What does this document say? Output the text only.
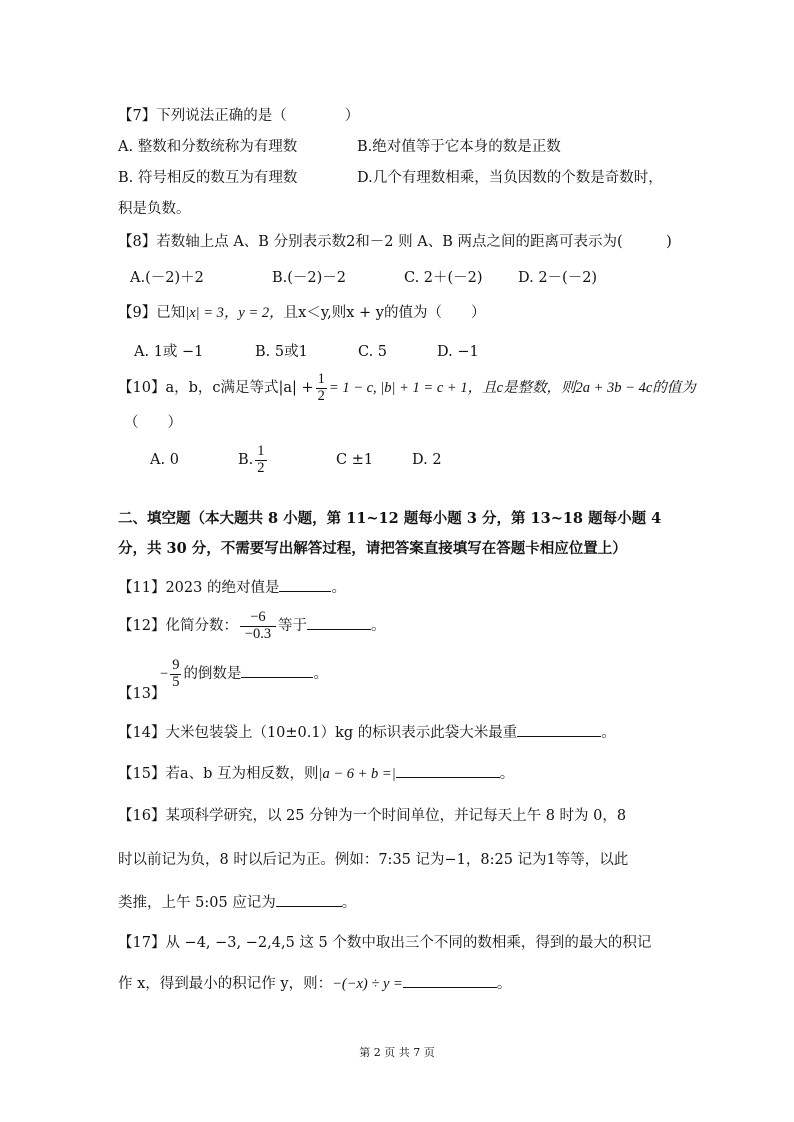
【7】下列说法正确的是（　　　　）
A. 整数和分数统称为有理数	B.绝对值等于它本身的数是正数
B. 符号相反的数互为有理数	D.几个有理数相乘，当负因数的个数是奇数时，
积是负数。
【8】若数轴上点 A、B 分别表示数2和－2 则 A、B 两点之间的距离可表示为(　　　)
A.(－2)＋2	B.(－2)－2	C. 2＋(－2) D. 2－(－2)
【9】已知|x| = 3，y = 2，且x＜y,则x + y的值为（　　）
A. 1或 −1	B. 5或1	C. 5	D. −1
【10】a，b，c满足等式$|a| + \frac{1}{2} = 1 - c$, |b| + 1 = c + 1，且c是整数，则2a + 3b − 4c的值为
（　　）
A. 0	B. $\frac{1}{2}$	C ±1	D. 2
二、填空题（本大题共 8 小题，第 11~12 题每小题 3 分，第 13~18 题每小题 4
分，共 30 分，不需要写出解答过程，请把答案直接填写在答题卡相应位置上）
【11】2023 的绝对值是	。
【12】化简分数： $\frac{-6}{-0.3}$ 等于	。
【13】
− $\frac{9}{5}$ 的倒数是	。
【14】大米包装袋上（10±0.1）kg 的标识表示此袋大米最重	。
【15】若a、b 互为相反数，则|a − 6 + b =|	。
【16】某项科学研究，以 25 分钟为一个时间单位，并记每天上午 8 时为 0，8
时以前记为负，8 时以后记为正。例如：7:35 记为−1，8:25 记为1等等，以此
类推，上午 5:05 应记为	。
【17】从 −4, −3, −2,4,5 这 5 个数中取出三个不同的数相乘，得到的最大的积记
作 x，得到最小的积记作 y，则：−(−x) ÷ y =	。
第 2 页 共 7 页
